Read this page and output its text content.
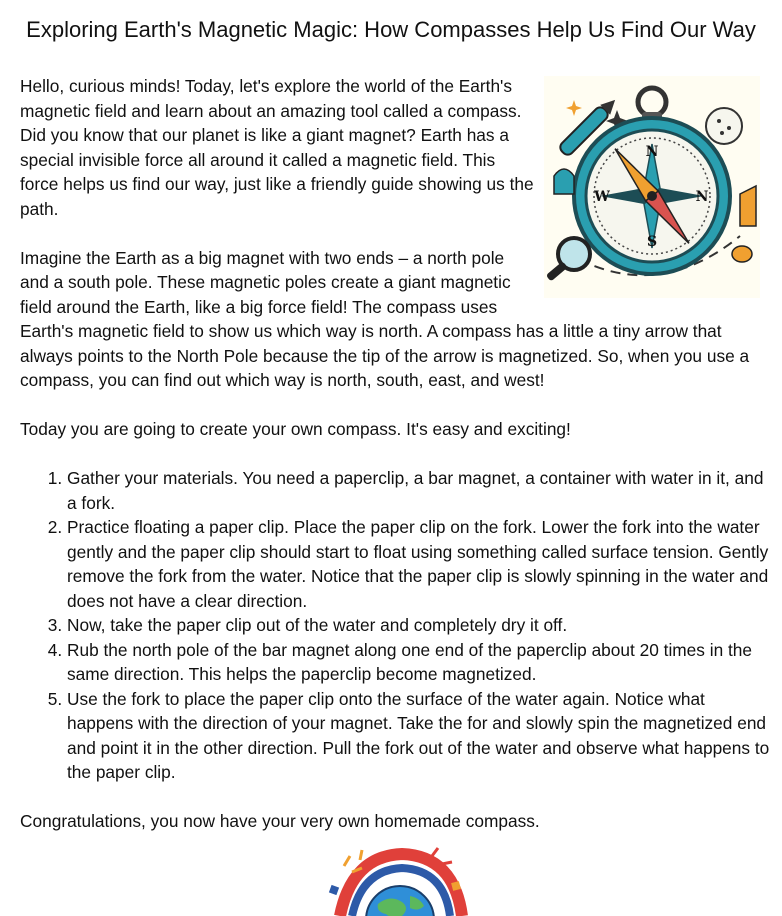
Exploring Earth's Magnetic Magic: How Compasses Help Us Find Our Way
N
S
W	N

Hello, curious minds! Today, let's explore the world of the Earth's magnetic field and learn about an amazing tool called a compass. Did you know that our planet is like a giant magnet? Earth has a special invisible force all around it called a magnetic field. This force helps us find our way, just like a friendly guide showing us the path.

Imagine the Earth as a big magnet with two ends – a north pole and a south pole. These magnetic poles create a giant magnetic field around the Earth, like a big force field! The compass uses Earth's magnetic field to show us which way is north. A compass has a little a tiny arrow that always points to the North Pole because the tip of the arrow is magnetized. So, when you use a compass, you can find out which way is north, south, east, and west!

Today you are going to create your own compass. It's easy and exciting!

1. Gather your materials. You need a paperclip, a bar magnet, a container with water in it, and a fork.
2. Practice floating a paper clip. Place the paper clip on the fork. Lower the fork into the water gently and the paper clip should start to float using something called surface tension. Gently remove the fork from the water. Notice that the paper clip is slowly spinning in the water and does not have a clear direction.
3. Now, take the paper clip out of the water and completely dry it off.
4. Rub the north pole of the bar magnet along one end of the paperclip about 20 times in the same direction. This helps the paperclip become magnetized.
5. Use the fork to place the paper clip onto the surface of the water again. Notice what happens with the direction of your magnet. Take the for and slowly spin the magnetized end and point it in the other direction. Pull the fork out of the water and observe what happens to the paper clip.

Congratulations, you now have your very own homemade compass.
